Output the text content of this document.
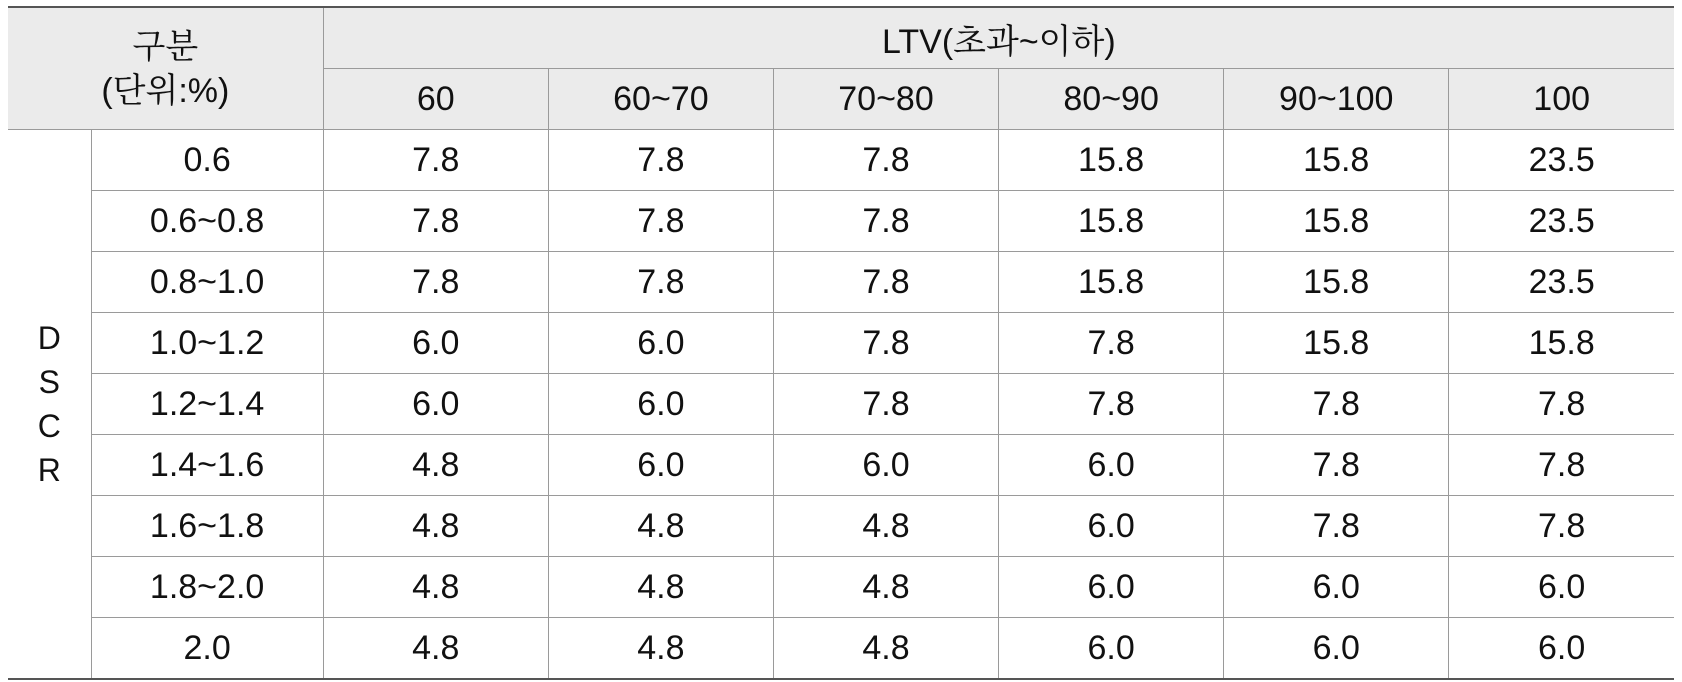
구분
(단위:%)		LTV(초과~이하)					
		60	60~70	70~80	80~90	90~100	100

D
S
C
R	0.6	7.8	7.8	7.8	15.8	15.8	23.5
	0.6~0.8	7.8	7.8	7.8	15.8	15.8	23.5
	0.8~1.0	7.8	7.8	7.8	15.8	15.8	23.5
	1.0~1.2	6.0	6.0	7.8	7.8	15.8	15.8
	1.2~1.4	6.0	6.0	7.8	7.8	7.8	7.8
	1.4~1.6	4.8	6.0	6.0	6.0	7.8	7.8
	1.6~1.8	4.8	4.8	4.8	6.0	7.8	7.8
	1.8~2.0	4.8	4.8	4.8	6.0	6.0	6.0
	2.0	4.8	4.8	4.8	6.0	6.0	6.0
